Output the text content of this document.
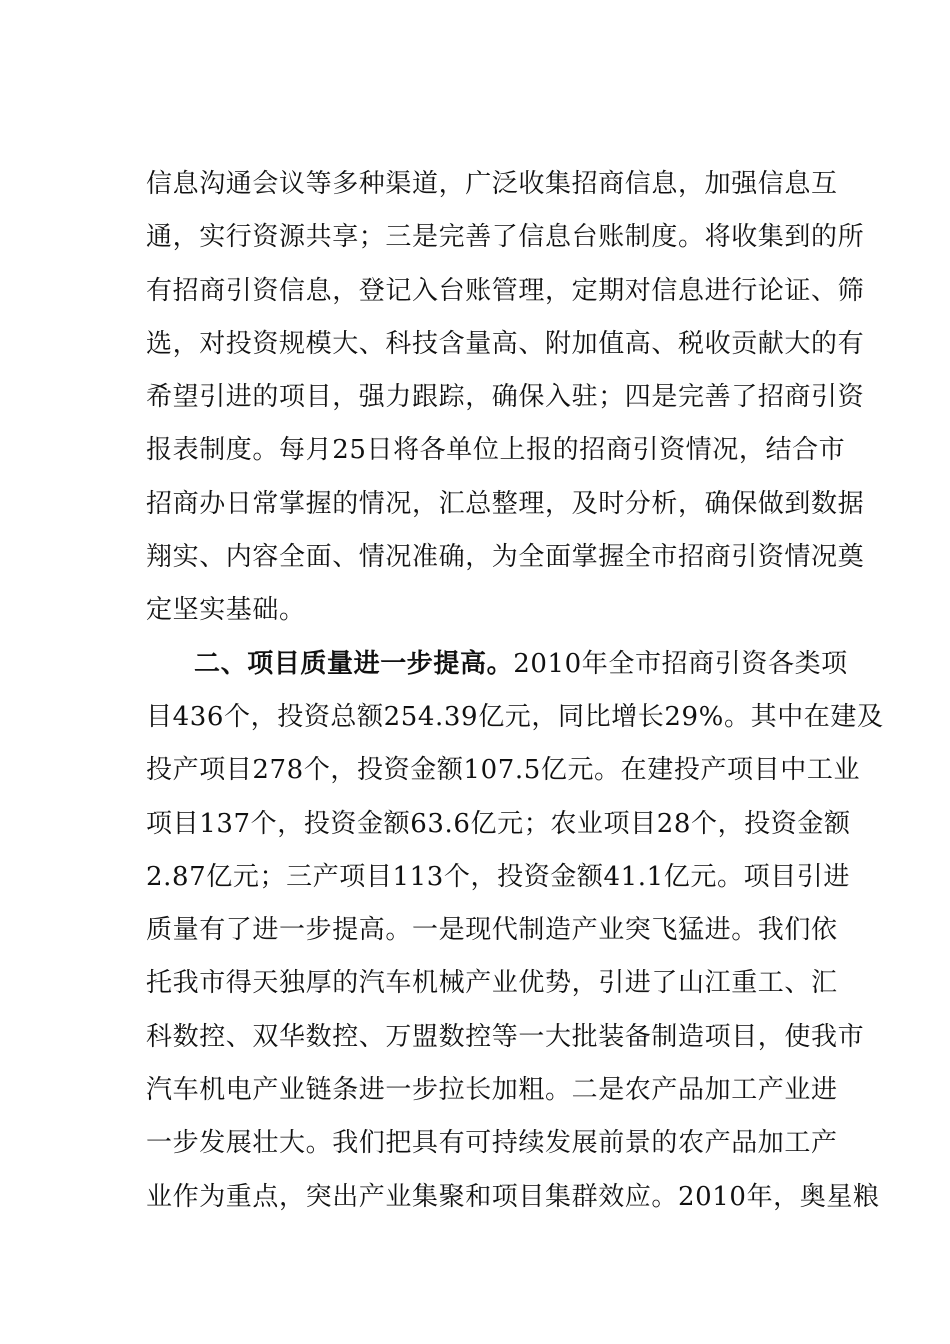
信息沟通会议等多种渠道，广泛收集招商信息，加强信息互
通，实行资源共享；三是完善了信息台账制度。将收集到的所
有招商引资信息，登记入台账管理，定期对信息进行论证、筛
选，对投资规模大、科技含量高、附加值高、税收贡献大的有
希望引进的项目，强力跟踪，确保入驻；四是完善了招商引资
报表制度。每月25日将各单位上报的招商引资情况，结合市
招商办日常掌握的情况，汇总整理，及时分析，确保做到数据
翔实、内容全面、情况准确，为全面掌握全市招商引资情况奠
定坚实基础。
二、项目质量进一步提高。2010年全市招商引资各类项
目436个，投资总额254.39亿元，同比增长29%。其中在建及
投产项目278个，投资金额107.5亿元。在建投产项目中工业
项目137个，投资金额63.6亿元；农业项目28个，投资金额
2.87亿元；三产项目113个，投资金额41.1亿元。项目引进
质量有了进一步提高。一是现代制造产业突飞猛进。我们依
托我市得天独厚的汽车机械产业优势，引进了山江重工、汇
科数控、双华数控、万盟数控等一大批装备制造项目，使我市
汽车机电产业链条进一步拉长加粗。二是农产品加工产业进
一步发展壮大。我们把具有可持续发展前景的农产品加工产
业作为重点，突出产业集聚和项目集群效应。2010年，奥星粮
